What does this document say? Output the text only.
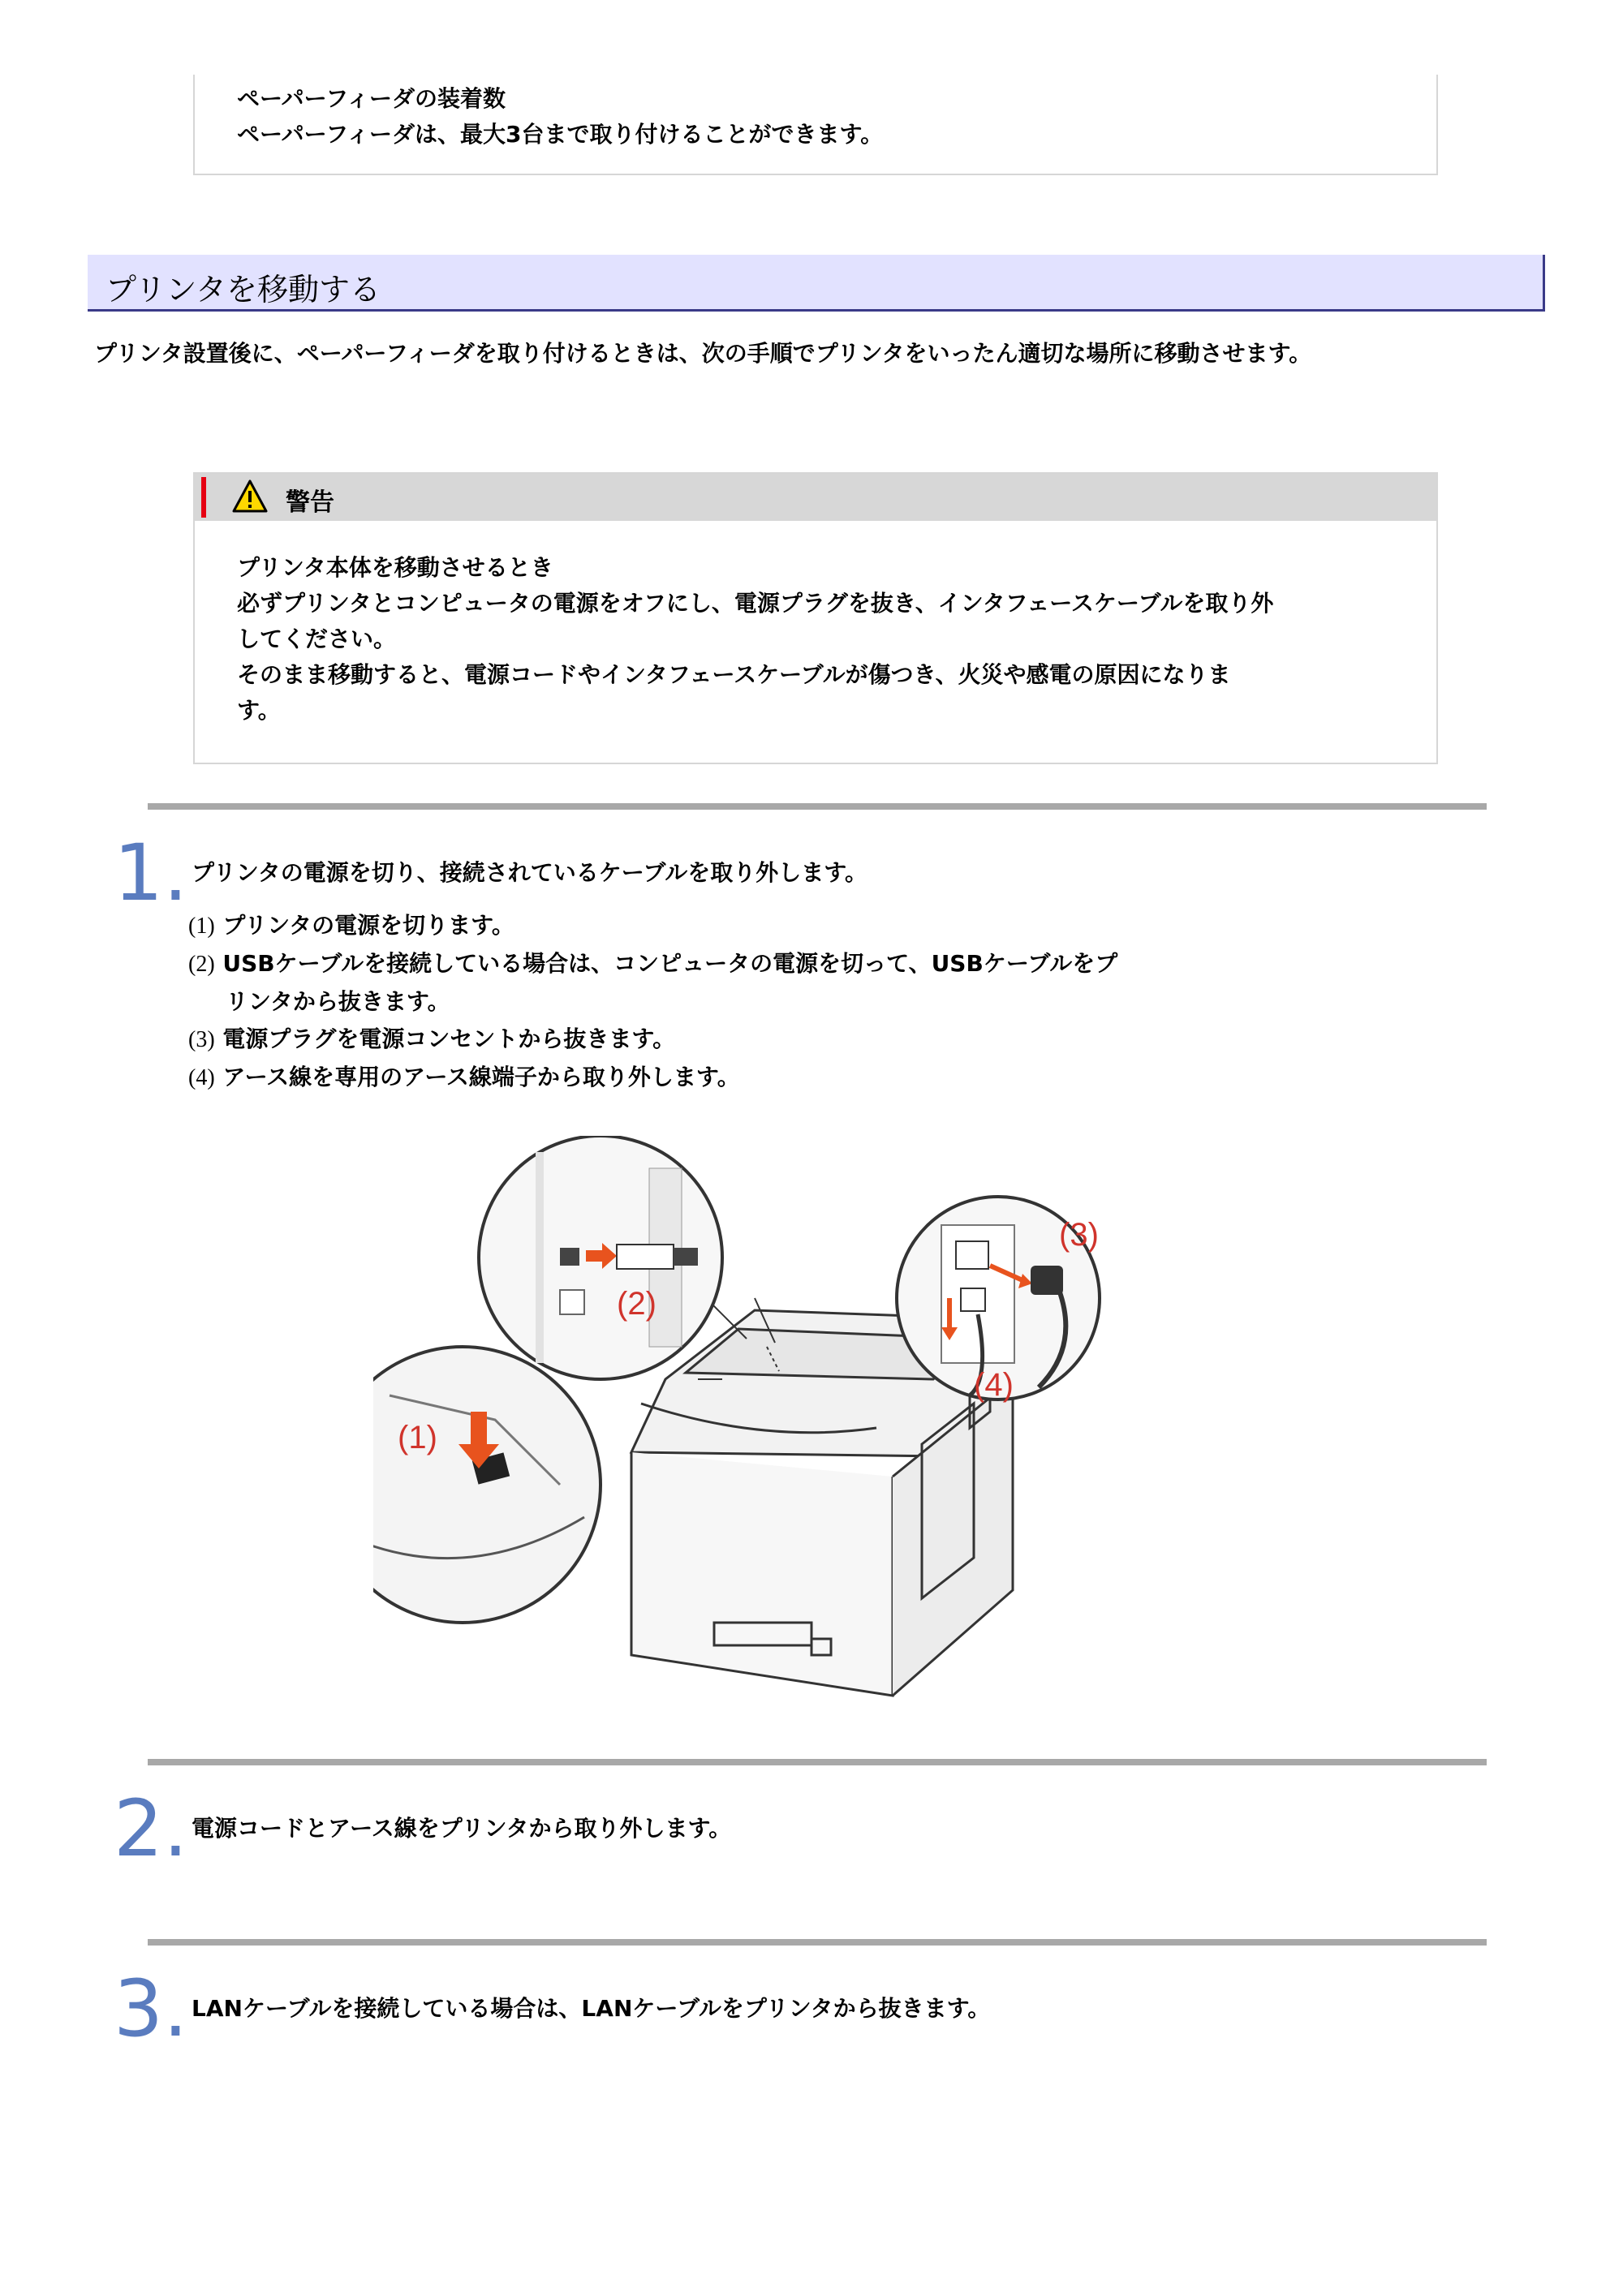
ペーパーフィーダの装着数
ペーパーフィーダは、最大3台まで取り付けることができます。
プリンタを移動する
プリンタ設置後に、ペーパーフィーダを取り付けるときは、次の手順でプリンタをいったん適切な場所に移動させます。
警告
プリンタ本体を移動させるとき
必ずプリンタとコンピュータの電源をオフにし、電源プラグを抜き、インタフェースケーブルを取り外
してください。
そのまま移動すると、電源コードやインタフェースケーブルが傷つき、火災や感電の原因になりま
す。
1. プリンタの電源を切り、接続されているケーブルを取り外します。
(1) プリンタの電源を切ります。
(2) USBケーブルを接続している場合は、コンピュータの電源を切って、USBケーブルをプ
リンタから抜きます。
(3) 電源プラグを電源コンセントから抜きます。
(4) アース線を専用のアース線端子から取り外します。
(1)
(2)
(3)
(4)
2. 電源コードとアース線をプリンタから取り外します。
3. LANケーブルを接続している場合は、LANケーブルをプリンタから抜きます。
